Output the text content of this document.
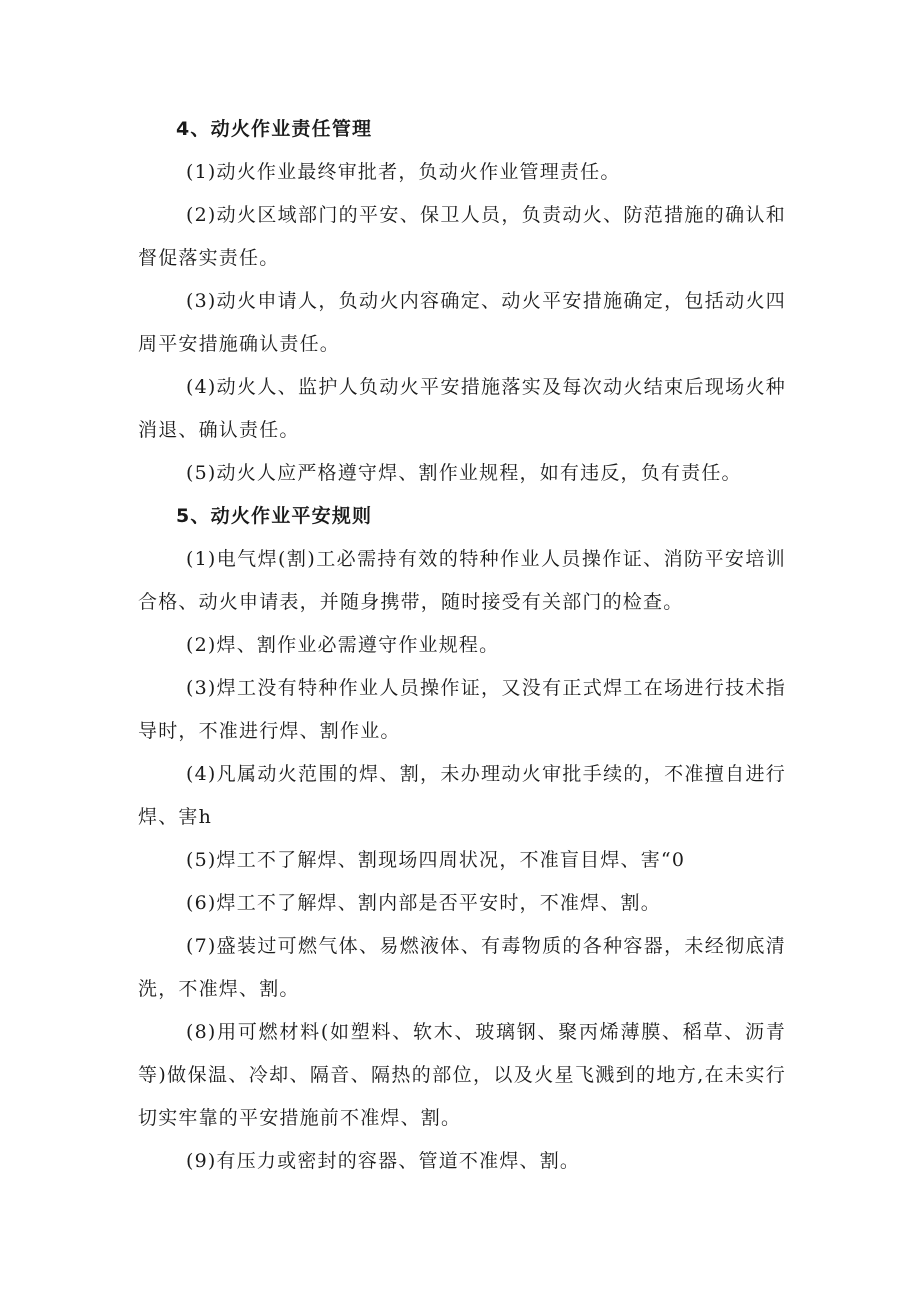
4、动火作业责任管理

(1)动火作业最终审批者，负动火作业管理责任。

(2)动火区域部门的平安、保卫人员，负责动火、防范措施的确认和督促落实责任。

(3)动火申请人，负动火内容确定、动火平安措施确定，包括动火四周平安措施确认责任。

(4)动火人、监护人负动火平安措施落实及每次动火结束后现场火种消退、确认责任。

(5)动火人应严格遵守焊、割作业规程，如有违反，负有责任。

5、动火作业平安规则

(1)电气焊(割)工必需持有效的特种作业人员操作证、消防平安培训合格、动火申请表，并随身携带，随时接受有关部门的检查。

(2)焊、割作业必需遵守作业规程。

(3)焊工没有特种作业人员操作证，又没有正式焊工在场进行技术指导时，不准进行焊、割作业。

(4)凡属动火范围的焊、割，未办理动火审批手续的，不准擅自进行焊、害h

(5)焊工不了解焊、割现场四周状况，不准盲目焊、害“0

(6)焊工不了解焊、割内部是否平安时，不准焊、割。

(7)盛装过可燃气体、易燃液体、有毒物质的各种容器，未经彻底清洗，不准焊、割。

(8)用可燃材料(如塑料、软木、玻璃钢、聚丙烯薄膜、稻草、沥青等)做保温、冷却、隔音、隔热的部位，以及火星飞溅到的地方,在未实行切实牢靠的平安措施前不准焊、割。

(9)有压力或密封的容器、管道不准焊、割。
